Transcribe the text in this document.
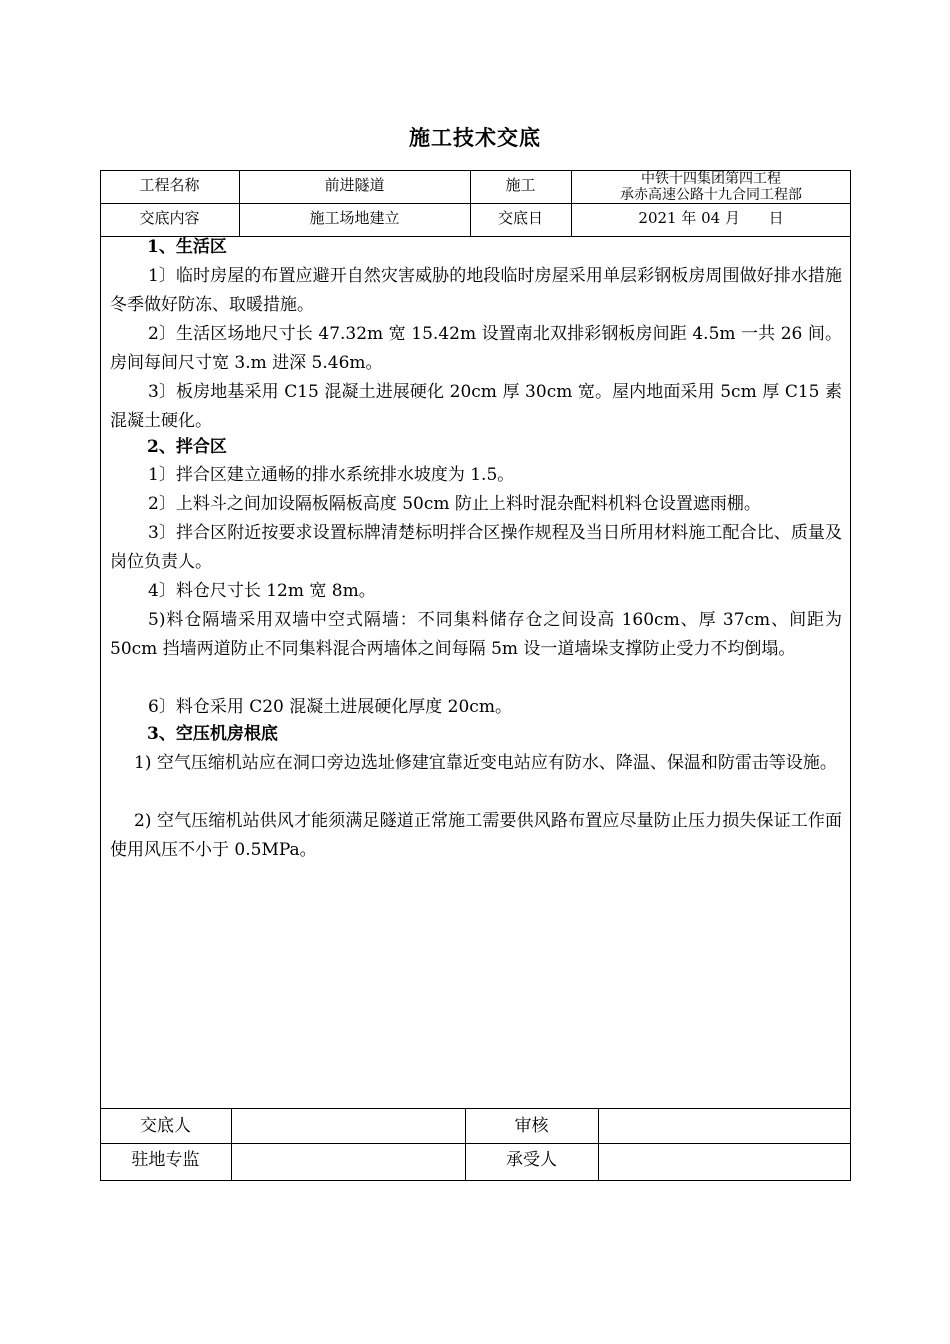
施工技术交底
工程名称	前进隧道	施工	中铁十四集团第四工程
承赤高速公路十九合同工程部
交底内容	施工场地建立	交底日	2021 年 04 月      日
1、生活区

1〕临时房屋的布置应避开自然灾害威胁的地段临时房屋采用单层彩钢板房周围做好排水措施冬季做好防冻、取暖措施。

2〕生活区场地尺寸长 47.32m 宽 15.42m 设置南北双排彩钢板房间距 4.5m 一共 26 间。房间每间尺寸宽 3.m 进深 5.46m。

3〕板房地基采用 C15 混凝土进展硬化 20cm 厚 30cm 宽。屋内地面采用 5cm 厚 C15 素混凝土硬化。

2、拌合区

1〕拌合区建立通畅的排水系统排水坡度为 1.5。

2〕上料斗之间加设隔板隔板高度 50cm 防止上料时混杂配料机料仓设置遮雨棚。

3〕拌合区附近按要求设置标牌清楚标明拌合区操作规程及当日所用材料施工配合比、质量及岗位负责人。

4〕料仓尺寸长 12m 宽 8m。

5)料仓隔墙采用双墙中空式隔墙：不同集料储存仓之间设高 160cm、厚 37cm、间距为 50cm 挡墙两道防止不同集料混合两墙体之间每隔 5m 设一道墙垛支撑防止受力不均倒塌。

6〕料仓采用 C20 混凝土进展硬化厚度 20cm。

3、空压机房根底

1) 空气压缩机站应在洞口旁边选址修建宜靠近变电站应有防水、降温、保温和防雷击等设施。

2) 空气压缩机站供风才能须满足隧道正常施工需要供风路布置应尽量防止压力损失保证工作面使用风压不小于 0.5MPa。

交底人	审核
驻地专监	承受人
